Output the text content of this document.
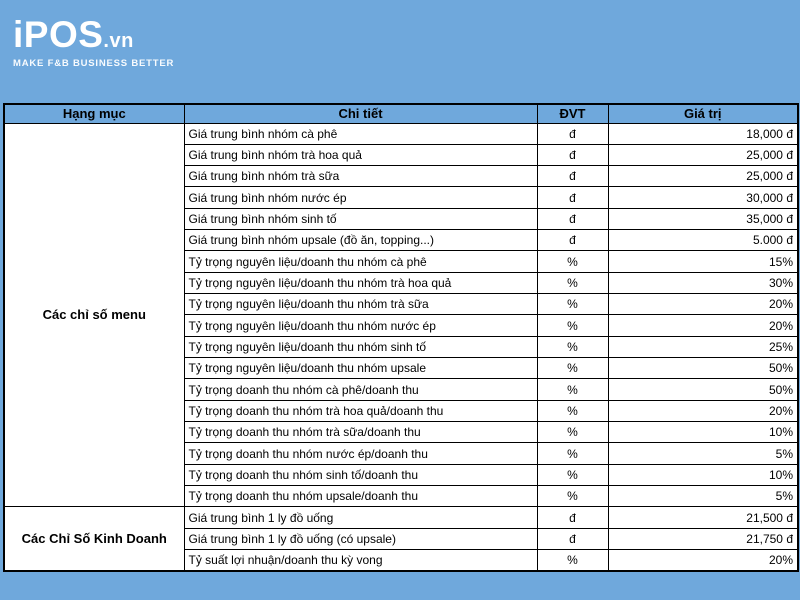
iPOS.vn
MAKE F&B BUSINESS BETTER
Hạng mục	Chi tiết	ĐVT	Giá trị
Các chỉ số menu	Giá trung bình nhóm cà phê	đ	18,000 đ
	Giá trung bình nhóm trà hoa quả	đ	25,000 đ
	Giá trung bình nhóm trà sữa	đ	25,000 đ
	Giá trung bình nhóm nước ép	đ	30,000 đ
	Giá trung bình nhóm sinh tố	đ	35,000 đ
	Giá trung bình nhóm upsale (đồ ăn, topping...)	đ	5.000 đ
	Tỷ trọng nguyên liệu/doanh thu nhóm cà phê	%	15%
	Tỷ trọng nguyên liệu/doanh thu nhóm trà hoa quả	%	30%
	Tỷ trọng nguyên liệu/doanh thu nhóm trà sữa	%	20%
	Tỷ trọng nguyên liệu/doanh thu nhóm nước ép	%	20%
	Tỷ trọng nguyên liệu/doanh thu nhóm sinh tố	%	25%
	Tỷ trọng nguyên liệu/doanh thu nhóm upsale	%	50%
	Tỷ trọng doanh thu nhóm cà phê/doanh thu	%	50%
	Tỷ trọng doanh thu nhóm trà hoa quả/doanh thu	%	20%
	Tỷ trọng doanh thu nhóm trà sữa/doanh thu	%	10%
	Tỷ trọng doanh thu nhóm nước ép/doanh thu	%	5%
	Tỷ trọng doanh thu nhóm sinh tố/doanh thu	%	10%
	Tỷ trọng doanh thu nhóm upsale/doanh thu	%	5%
Các Chỉ Số Kinh Doanh	Giá trung bình 1 ly đồ uống	đ	21,500 đ
	Giá trung bình 1 ly đồ uống (có upsale)	đ	21,750 đ
	Tỷ suất lợi nhuận/doanh thu kỳ vong	%	20%
